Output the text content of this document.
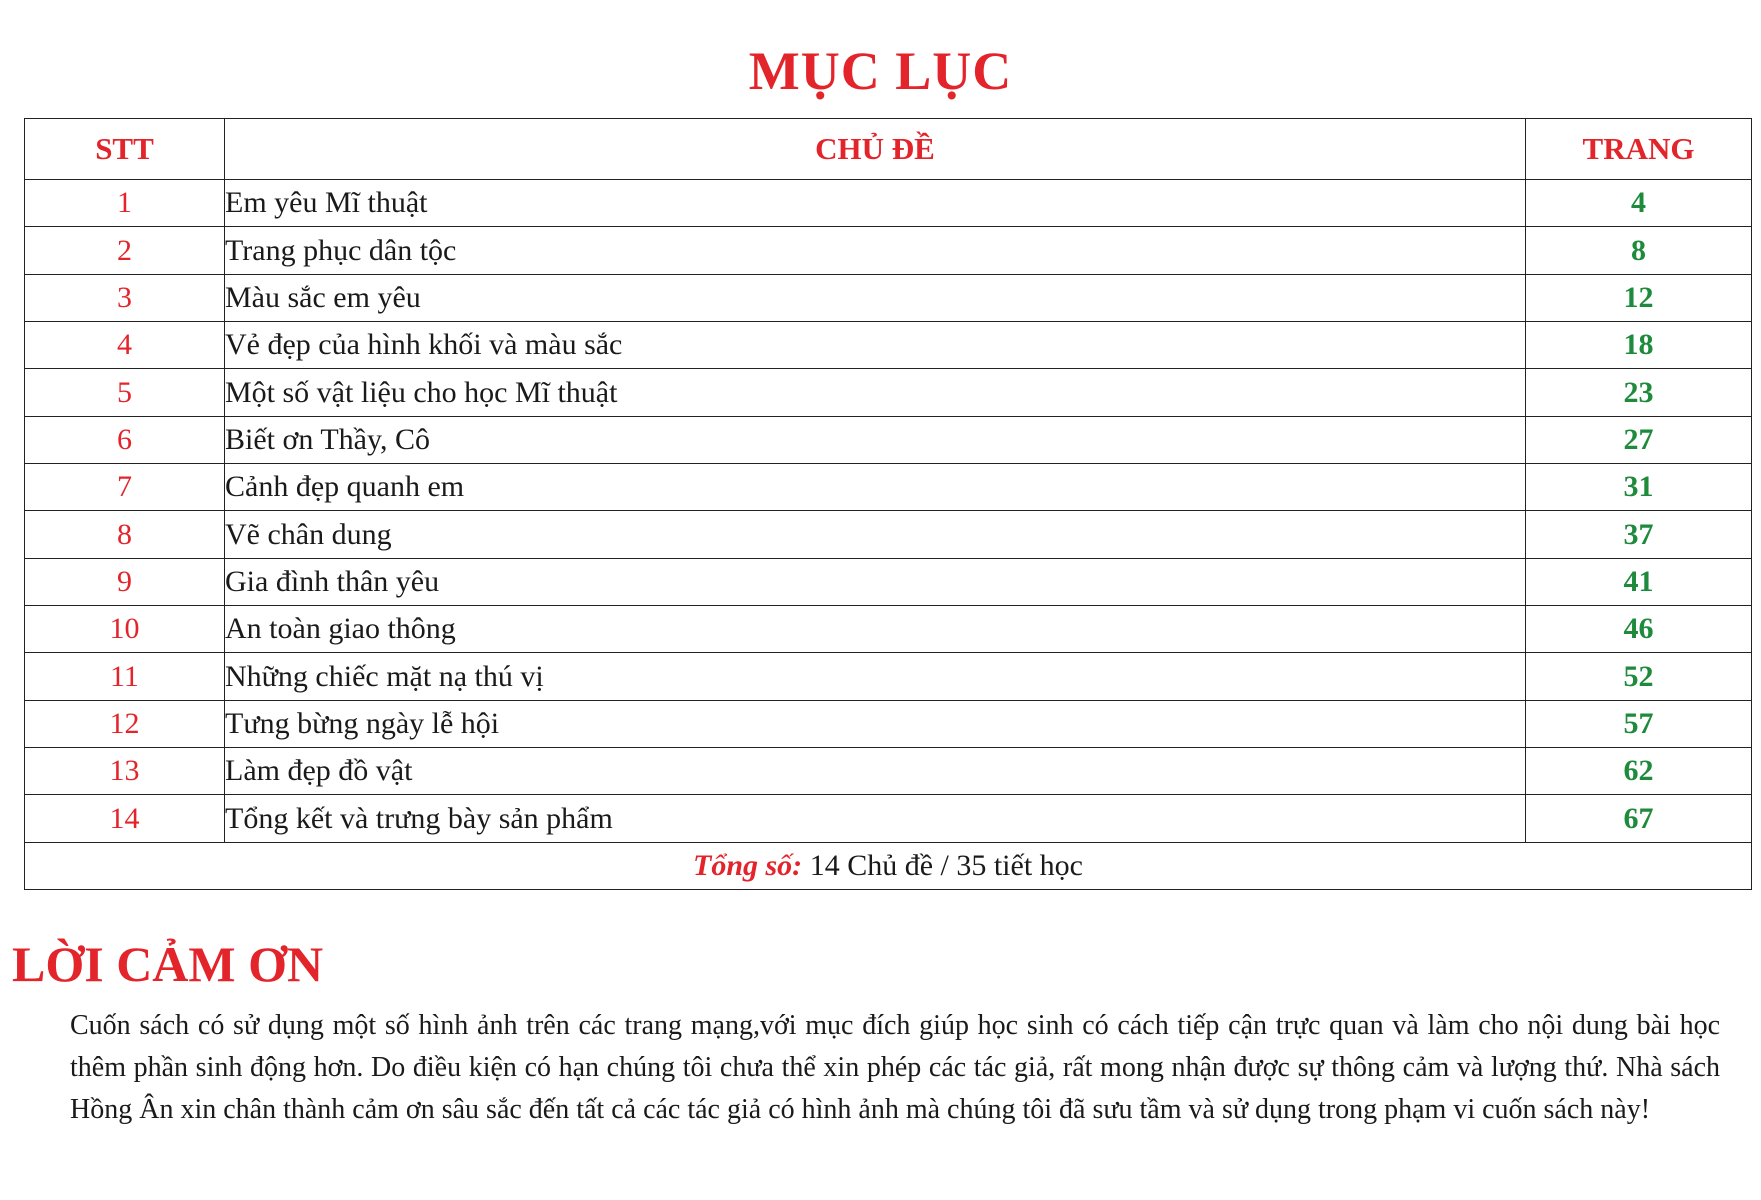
MỤC LỤC
STT	CHỦ ĐỀ	TRANG
1	Em yêu Mĩ thuật	4
2	Trang phục dân tộc	8
3	Màu sắc em yêu	12
4	Vẻ đẹp của hình khối và màu sắc	18
5	Một số vật liệu cho học Mĩ thuật	23
6	Biết ơn Thầy, Cô	27
7	Cảnh đẹp quanh em	31
8	Vẽ chân dung	37
9	Gia đình thân yêu	41
10	An toàn giao thông	46
11	Những chiếc mặt nạ thú vị	52
12	Tưng bừng ngày lễ hội	57
13	Làm đẹp đồ vật	62
14	Tổng kết và trưng bày sản phẩm	67
Tổng số: 14 Chủ đề / 35 tiết học		
LỜI CẢM ƠN
Cuốn sách có sử dụng một số hình ảnh trên các trang mạng,với mục đích giúp học sinh có cách tiếp cận trực quan và làm cho nội dung bài học thêm phần sinh động hơn. Do điều kiện có hạn chúng tôi chưa thể xin phép các tác giả, rất mong nhận được sự thông cảm và lượng thứ. Nhà sách Hồng Ân xin chân thành cảm ơn sâu sắc đến tất cả các tác giả có hình ảnh mà chúng tôi đã sưu tầm và sử dụng trong phạm vi cuốn sách này!
